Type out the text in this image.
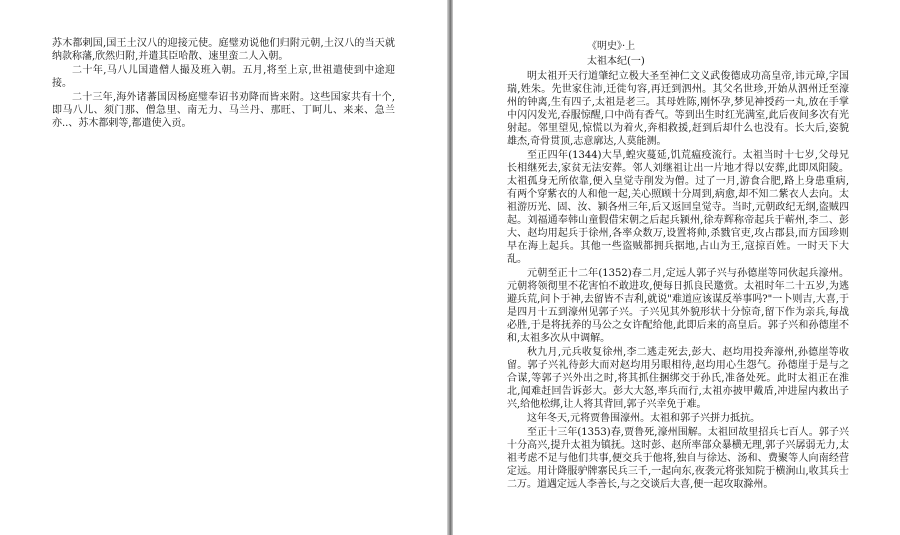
苏木都剌国,国王土汉八的迎接元使。庭璧劝说他们归附元朝,土汉八的当天就纳款称藩,欣然归附,并遣其臣哈散、速里蛮二人入朝。

二十年,马八儿国遣僧人撮及班入朝。五月,将至上京,世祖遣使到中途迎接。

二十三年,海外诸蕃国因杨庭璧奉诏书劝降而皆来附。这些国家共有十个,即马八儿、须门那、僧急里、南无力、马兰丹、那旺、丁呵儿、来来、急兰亦..、苏木都剌等,都遣使入贡。

《明史》·上

太祖本纪(一)

明太祖开天行道肇纪立极大圣至神仁文义武俊德成功高皇帝,讳元璋,字国瑞,姓朱。先世家住沛,迁徙句容,再迁到泗州。其父名世珍,开始从泗州迁至濠州的钟离,生有四子,太祖是老三。其母姓陈,刚怀孕,梦见神授药一丸,放在手掌中闪闪发光,吞服惊醒,口中尚有香气。等到出生时红光满室,此后夜间多次有光射起。邻里望见,惊慌以为着火,奔相救援,赶到后却什么也没有。长大后,姿貌雄杰,奇骨贯顶,志意廓达,人莫能测。

至正四年(1344)大旱,蝗灾蔓延,饥荒瘟疫流行。太祖当时十七岁,父母兄长相继死去,家贫无法安葬。邻人刘继祖让出一片地才得以安葬,此即凤阳陵。太祖孤身无所依靠,便入皇觉寺削发为僧。过了一月,游食合肥,路上身患重病,有两个穿紫衣的人和他一起,关心照顾十分周到,病愈,却不知二紫衣人去向。太祖游历光、固、汝、颍各州三年,后又返回皇觉寺。当时,元朝政纪无纲,盗贼四起。刘福通奉韩山童假借宋朝之后起兵颍州,徐寿辉称帝起兵于蕲州,李二、彭大、赵均用起兵于徐州,各率众数万,设置将帅,杀戮官吏,攻占郡县,而方国珍则早在海上起兵。其他一些盗贼都拥兵据地,占山为王,寇掠百姓。一时天下大乱。

元朝至正十二年(1352)春二月,定远人郭子兴与孙德崖等同伙起兵濠州。元朝将领彻里不花害怕不敢进攻,便每日抓良民邀赏。太祖时年二十五岁,为逃避兵荒,问卜于神,去留皆不吉利,就说"难道应该谋反举事吗?"一卜则吉,大喜,于是四月十五到濠州见郭子兴。子兴见其外貌形状十分惊奇,留下作为亲兵,每战必胜,于是将抚养的马公之女许配给他,此即后来的高皇后。郭子兴和孙德崖不和,太祖多次从中调解。

秋九月,元兵收复徐州,李二逃走死去,彭大、赵均用投奔濠州,孙德崖等收留。郭子兴礼待彭大而对赵均用另眼相待,赵均用心生怨气。孙德崖于是与之合谋,等郭子兴外出之时,将其抓住捆绑交于孙氏,准备处死。此时太祖正在淮北,闻难赶回告诉彭大。彭大大怒,率兵而行,太祖亦披甲戴盾,冲进屋内救出子兴,给他松绑,让人将其背回,郭子兴幸免于难。

这年冬天,元将贾鲁围濠州。太祖和郭子兴拼力抵抗。

至正十三年(1353)春,贾鲁死,濠州围解。太祖回故里招兵七百人。郭子兴十分高兴,提升太祖为镇抚。这时彭、赵所率部众暴横无理,郭子兴孱弱无力,太祖考虑不足与他们共事,便交兵于他将,独自与徐达、汤和、费聚等人向南经营定远。用计降服驴牌寨民兵三千,一起向东,夜袭元将张知院于横涧山,收其兵士二万。道遇定远人李善长,与之交谈后大喜,便一起攻取滁州。
